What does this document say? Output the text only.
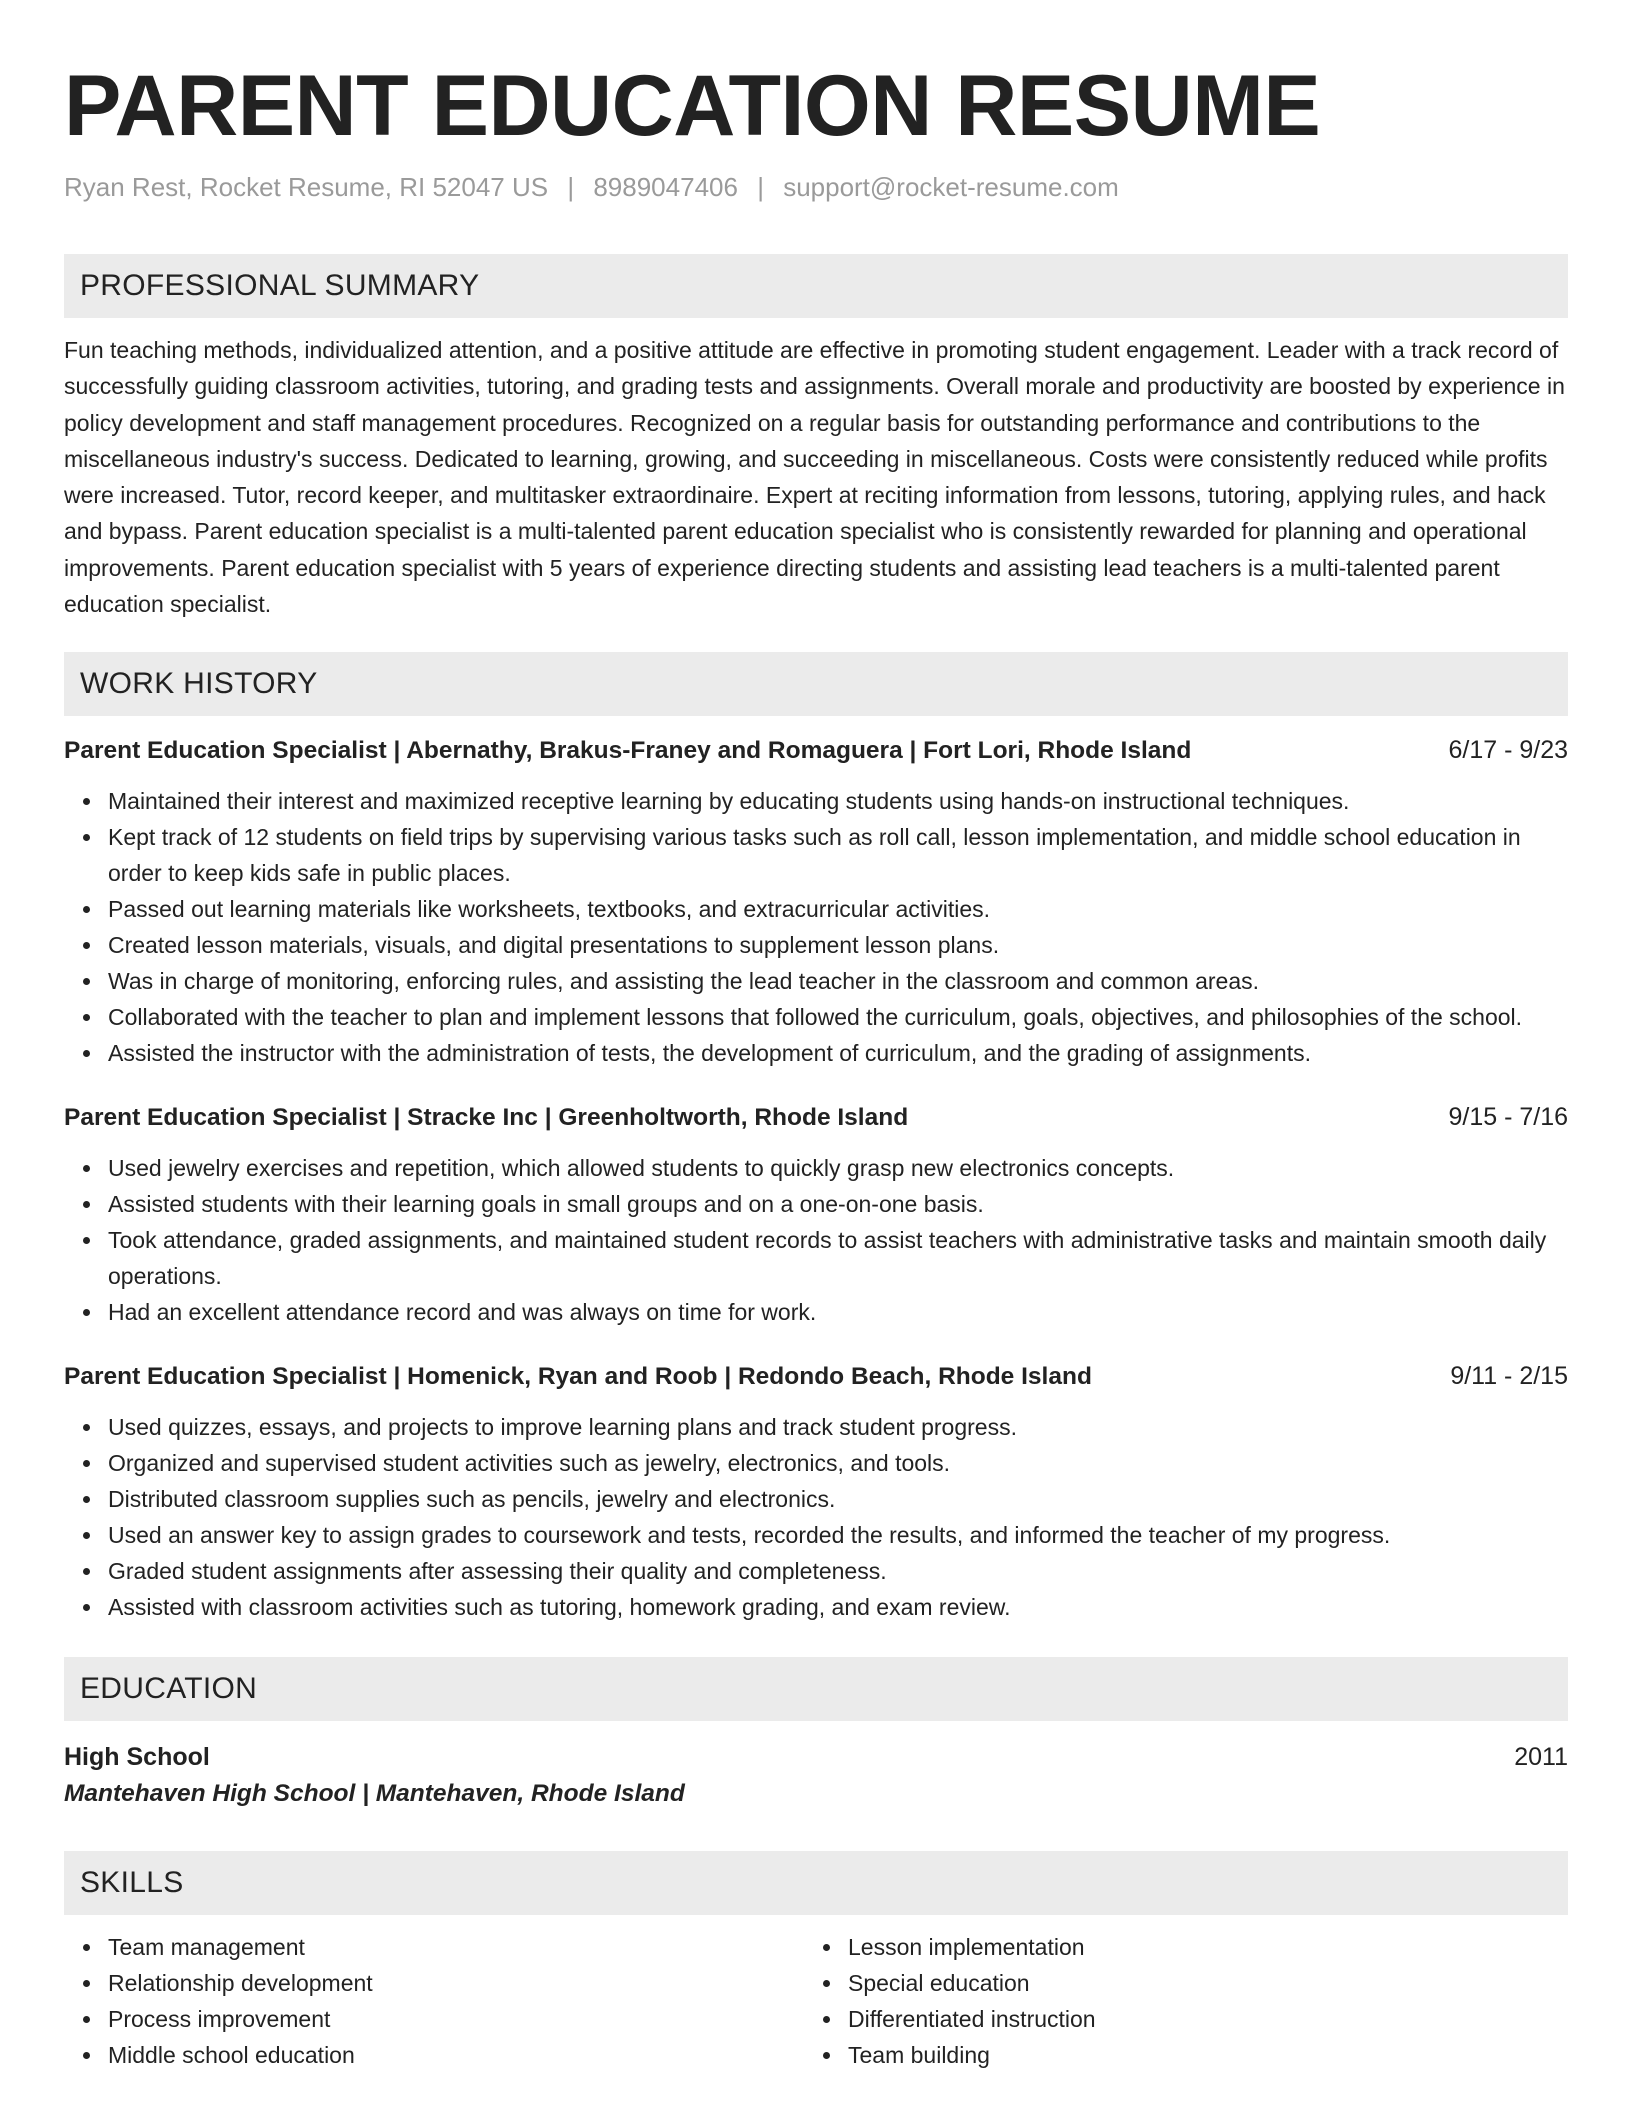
PARENT EDUCATION RESUME
Ryan Rest, Rocket Resume, RI 52047 US | 8989047406 | support@rocket-resume.com
PROFESSIONAL SUMMARY

Fun teaching methods, individualized attention, and a positive attitude are effective in promoting student engagement. Leader with a track record of successfully guiding classroom activities, tutoring, and grading tests and assignments. Overall morale and productivity are boosted by experience in policy development and staff management procedures. Recognized on a regular basis for outstanding performance and contributions to the miscellaneous industry's success. Dedicated to learning, growing, and succeeding in miscellaneous. Costs were consistently reduced while profits were increased. Tutor, record keeper, and multitasker extraordinaire. Expert at reciting information from lessons, tutoring, applying rules, and hack and bypass. Parent education specialist is a multi-talented parent education specialist who is consistently rewarded for planning and operational improvements. Parent education specialist with 5 years of experience directing students and assisting lead teachers is a multi-talented parent education specialist.

WORK HISTORY
Parent Education Specialist | Abernathy, Brakus-Franey and Romaguera | Fort Lori, Rhode Island	6/17 - 9/23
Maintained their interest and maximized receptive learning by educating students using hands-on instructional techniques.
Kept track of 12 students on field trips by supervising various tasks such as roll call, lesson implementation, and middle school education in order to keep kids safe in public places.
Passed out learning materials like worksheets, textbooks, and extracurricular activities.
Created lesson materials, visuals, and digital presentations to supplement lesson plans.
Was in charge of monitoring, enforcing rules, and assisting the lead teacher in the classroom and common areas.
Collaborated with the teacher to plan and implement lessons that followed the curriculum, goals, objectives, and philosophies of the school.
Assisted the instructor with the administration of tests, the development of curriculum, and the grading of assignments.
Parent Education Specialist | Stracke Inc | Greenholtworth, Rhode Island	9/15 - 7/16
Used jewelry exercises and repetition, which allowed students to quickly grasp new electronics concepts.
Assisted students with their learning goals in small groups and on a one-on-one basis.
Took attendance, graded assignments, and maintained student records to assist teachers with administrative tasks and maintain smooth daily operations.
Had an excellent attendance record and was always on time for work.
Parent Education Specialist | Homenick, Ryan and Roob | Redondo Beach, Rhode Island	9/11 - 2/15
Used quizzes, essays, and projects to improve learning plans and track student progress.
Organized and supervised student activities such as jewelry, electronics, and tools.
Distributed classroom supplies such as pencils, jewelry and electronics.
Used an answer key to assign grades to coursework and tests, recorded the results, and informed the teacher of my progress.
Graded student assignments after assessing their quality and completeness.
Assisted with classroom activities such as tutoring, homework grading, and exam review.
EDUCATION
High School	2011
Mantehaven High School | Mantehaven, Rhode Island
SKILLS
Team management
Relationship development
Process improvement
Middle school education
Lesson implementation
Special education
Differentiated instruction
Team building
